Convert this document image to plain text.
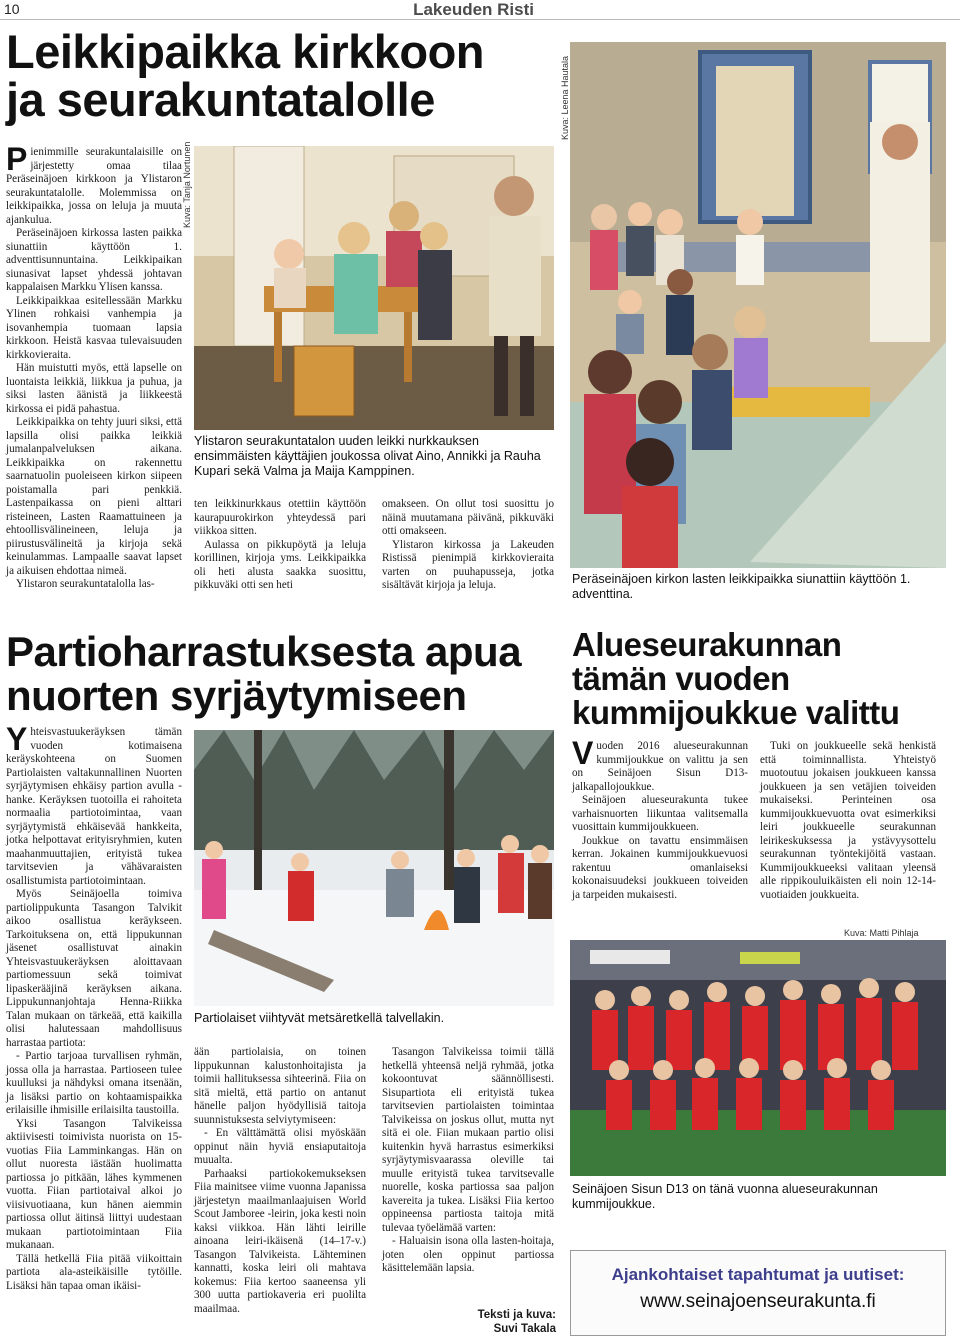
10	Lakeuden Risti
Leikkipaikka kirkkoon
ja seurakuntatalolle

Pienimmille seurakuntalaisille on järjestetty omaa tilaa Peräseinäjoen kirkkoon ja Ylistaron seurakuntatalolle. Molemmissa on leikkipaikka, jossa on leluja ja muuta ajankulua.

Peräseinäjoen kirkossa lasten paikka siunattiin käyttöön 1. adventtisunnuntaina. Leikkipaikan siunasivat lapset yhdessä johtavan kappalaisen Markku Ylisen kanssa.

Leikkipaikkaa esitellessään Markku Ylinen rohkaisi vanhempia ja isovanhempia tuomaan lapsia kirkkoon. Heistä kasvaa tulevaisuuden kirkkovieraita.

Hän muistutti myös, että lapselle on luontaista leikkiä, liikkua ja puhua, ja siksi lasten äänistä ja liikkeestä kirkossa ei pidä pahastua.

Leikkipaikka on tehty juuri siksi, että lapsilla olisi paikka leikkiä jumalanpalveluksen aikana. Leikkipaikka on rakennettu saarnatuolin puoleiseen kirkon siipeen poistamalla pari penkkiä. Lastenpaikassa on pieni alttari risteineen, Lasten Raamattuineen ja ehtoollisvälineineen, leluja ja piirustusvälineitä ja kirjoja sekä keinulammas. Lampaalle saavat lapset ja aikuisen ehdottaa nimeä.

Ylistaron seurakuntatalolla las-

Kuva: Tanja Nortunen
Ylistaron seurakuntatalon uuden leikki nurkkauksen ensimmäisten käyttäjien joukossa olivat Aino, Annikki ja Rauha Kupari sekä Valma ja Maija Kamppinen.

ten leikkinurkkaus otettiin käyttöön kaurapuurokirkon yhteydessä pari viikkoa sitten.

Aulassa on pikkupöytä ja leluja korillinen, kirjoja yms. Leikkipaikka oli heti alusta saakka suosittu, pikkuväki otti sen heti

omakseen. On ollut tosi suosittu jo näinä muutamana päivänä, pikkuväki otti omakseen.

Ylistaron kirkossa ja Lakeuden Ristissä pienimpiä kirkkovieraita varten on puuhapusseja, jotka sisältävät kirjoja ja leluja.

Kuva: Leena Hautala
Peräseinäjoen kirkon lasten leikkipaikka siunattiin käyttöön 1. adventtina.
Partioharrastuksesta apua
nuorten syrjäytymiseen

Yhteisvastuukeräyksen tämän vuoden kotimaisena keräyskohteena on Suomen Partiolaisten valtakunnallinen Nuorten syrjäytymisen ehkäisy partion avulla -hanke. Keräyksen tuotoilla ei rahoiteta normaalia partiotoimintaa, vaan syrjäytymistä ehkäisevää hankkeita, jotka helpottavat erityisryhmien, kuten maahanmuuttajien, erityistä tukea tarvitsevien ja vähävaraisten osallistumista partiotoimintaan.

Myös Seinäjoella toimiva partiolippukunta Tasangon Talvikit aikoo osallistua keräykseen. Tarkoituksena on, että lippukunnan jäsenet osallistuvat ainakin Yhteisvastuukeräyksen aloittavaan partiomessuun sekä toimivat lipaskerääjinä keräyksen aikana. Lippukunnanjohtaja Henna-Riikka Talan mukaan on tärkeää, että kaikilla olisi halutessaan mahdollisuus harrastaa partiota:

- Partio tarjoaa turvallisen ryhmän, jossa olla ja harrastaa. Partioseen tulee kuulluksi ja nähdyksi omana itsenään, ja lisäksi partio on kohtaamispaikka erilaisille ihmisille erilaisilta taustoilla.

Yksi Tasangon Talvikeissa aktiivisesti toimivista nuorista on 15-vuotias Fiia Lamminkangas. Hän on ollut nuoresta iästään huolimatta partiossa jo pitkään, lähes kymmenen vuotta. Fiian partiotaival alkoi jo viisivuotiaana, kun hänen aiemmin partiossa ollut äitinsä liittyi uudestaan mukaan partiotoimintaan Fiia mukanaan.

Tällä hetkellä Fiia pitää viikoittain partiota ala-asteikäisille tytöille. Lisäksi hän tapaa oman ikäisi-

Partiolaiset viihtyvät metsäretkellä talvellakin.

ään partiolaisia, on toinen lippukunnan kalustonhoitajista ja toimii hallituksessa sihteerinä. Fiia on sitä mieltä, että partio on antanut hänelle paljon hyödyllisiä taitoja suunnistuksesta selviytymiseen:

- En välttämättä olisi myöskään oppinut näin hyviä ensiaputaitoja muualta.

Parhaaksi partiokokemukseksen Fiia mainitsee viime vuonna Japanissa järjestetyn maailmanlaajuisen World Scout Jamboree -leirin, joka kesti noin kaksi viikkoa. Hän lähti leirille ainoana leiri-ikäisenä (14–17-v.) Tasangon Talvikeista. Lähteminen kannatti, koska leiri oli mahtava kokemus: Fiia kertoo saaneensa yli 300 uutta partiokaveria eri puolilta maailmaa.

Tasangon Talvikeissa toimii tällä hetkellä yhteensä neljä ryhmää, jotka kokoontuvat säännöllisesti. Sisupartiota eli erityistä tukea tarvitsevien partiolaisten toimintaa Talvikeissa on joskus ollut, mutta nyt sitä ei ole. Fiian mukaan partio olisi kuitenkin hyvä harrastus esimerkiksi syrjäytymisvaarassa oleville tai muulle erityistä tukea tarvitsevalle nuorelle, koska partiossa saa paljon kavereita ja tukea. Lisäksi Fiia kertoo oppineensa partiosta taitoja mitä tulevaa työelämää varten:

- Haluaisin isona olla lasten-hoitaja, joten olen oppinut partiossa käsittelemään lapsia.

Teksti ja kuva:
Suvi Takala
Alueseurakunnan
tämän vuoden
kummijoukkue valittu

Vuoden 2016 alueseurakunnan kummijoukkue on valittu ja sen on Seinäjoen Sisun D13-jalkapallojoukkue.

Seinäjoen alueseurakunta tukee varhaisnuorten liikuntaa valitsemalla vuosittain kummijoukkueen.

Joukkue on tavattu ensimmäisen kerran. Jokainen kummijoukkuevuosi rakentuu omanlaiseksi kokonaisuudeksi joukkueen toiveiden ja tarpeiden mukaisesti.

Tuki on joukkueelle sekä henkistä että toiminnallista. Yhteistyö muotoutuu jokaisen joukkueen kanssa joukkueen ja sen vetäjien toiveiden mukaiseksi. Perinteinen osa kummijoukkuevuotta ovat esimerkiksi leiri joukkueelle seurakunnan leirikeskuksessa ja ystävyysottelu seurakunnan työntekijöitä vastaan. Kummijoukkueeksi valitaan yleensä alle rippikouluikäisten eli noin 12-14-vuotiaiden joukkueita.

Kuva: Matti Pihlaja
Seinäjoen Sisun D13 on tänä vuonna alueseurakunnan kummijoukkue.
Ajankohtaiset tapahtumat ja uutiset:
www.seinajoenseurakunta.fi
